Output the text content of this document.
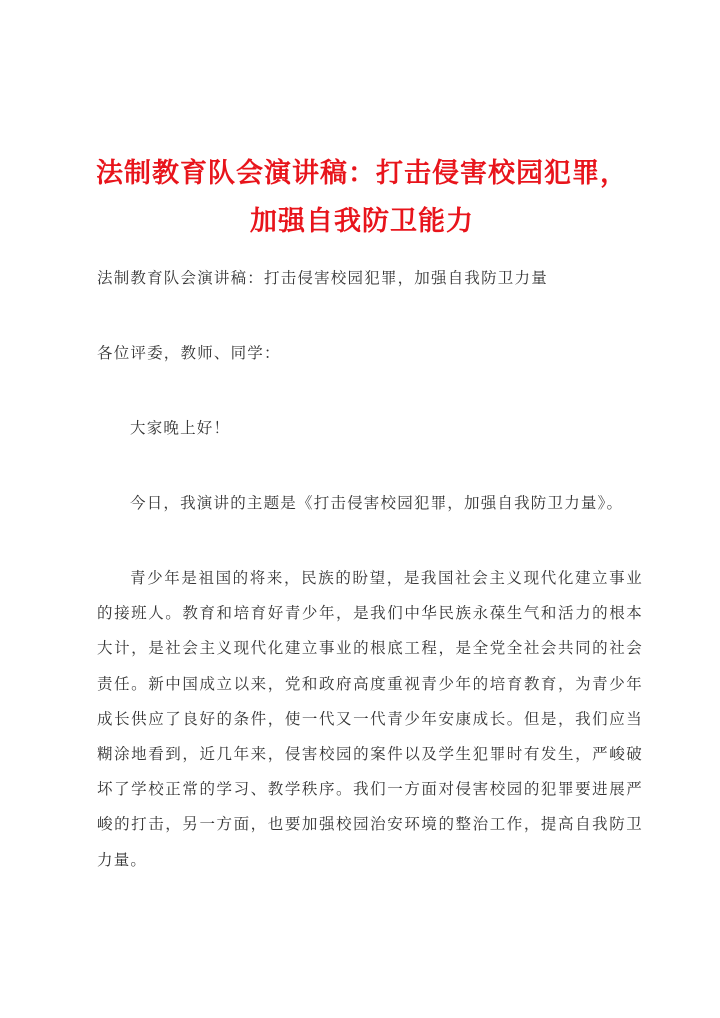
法制教育队会演讲稿：打击侵害校园犯罪，加强自我防卫能力

法制教育队会演讲稿：打击侵害校园犯罪，加强自我防卫力量

各位评委，教师、同学：

大家晚上好！

今日，我演讲的主题是《打击侵害校园犯罪，加强自我防卫力量》。

青少年是祖国的将来，民族的盼望，是我国社会主义现代化建立事业的接班人。教育和培育好青少年，是我们中华民族永葆生气和活力的根本大计，是社会主义现代化建立事业的根底工程，是全党全社会共同的社会责任。新中国成立以来，党和政府高度重视青少年的培育教育，为青少年成长供应了良好的条件，使一代又一代青少年安康成长。但是，我们应当糊涂地看到，近几年来，侵害校园的案件以及学生犯罪时有发生，严峻破坏了学校正常的学习、教学秩序。我们一方面对侵害校园的犯罪要进展严峻的打击，另一方面，也要加强校园治安环境的整治工作，提高自我防卫力量。
